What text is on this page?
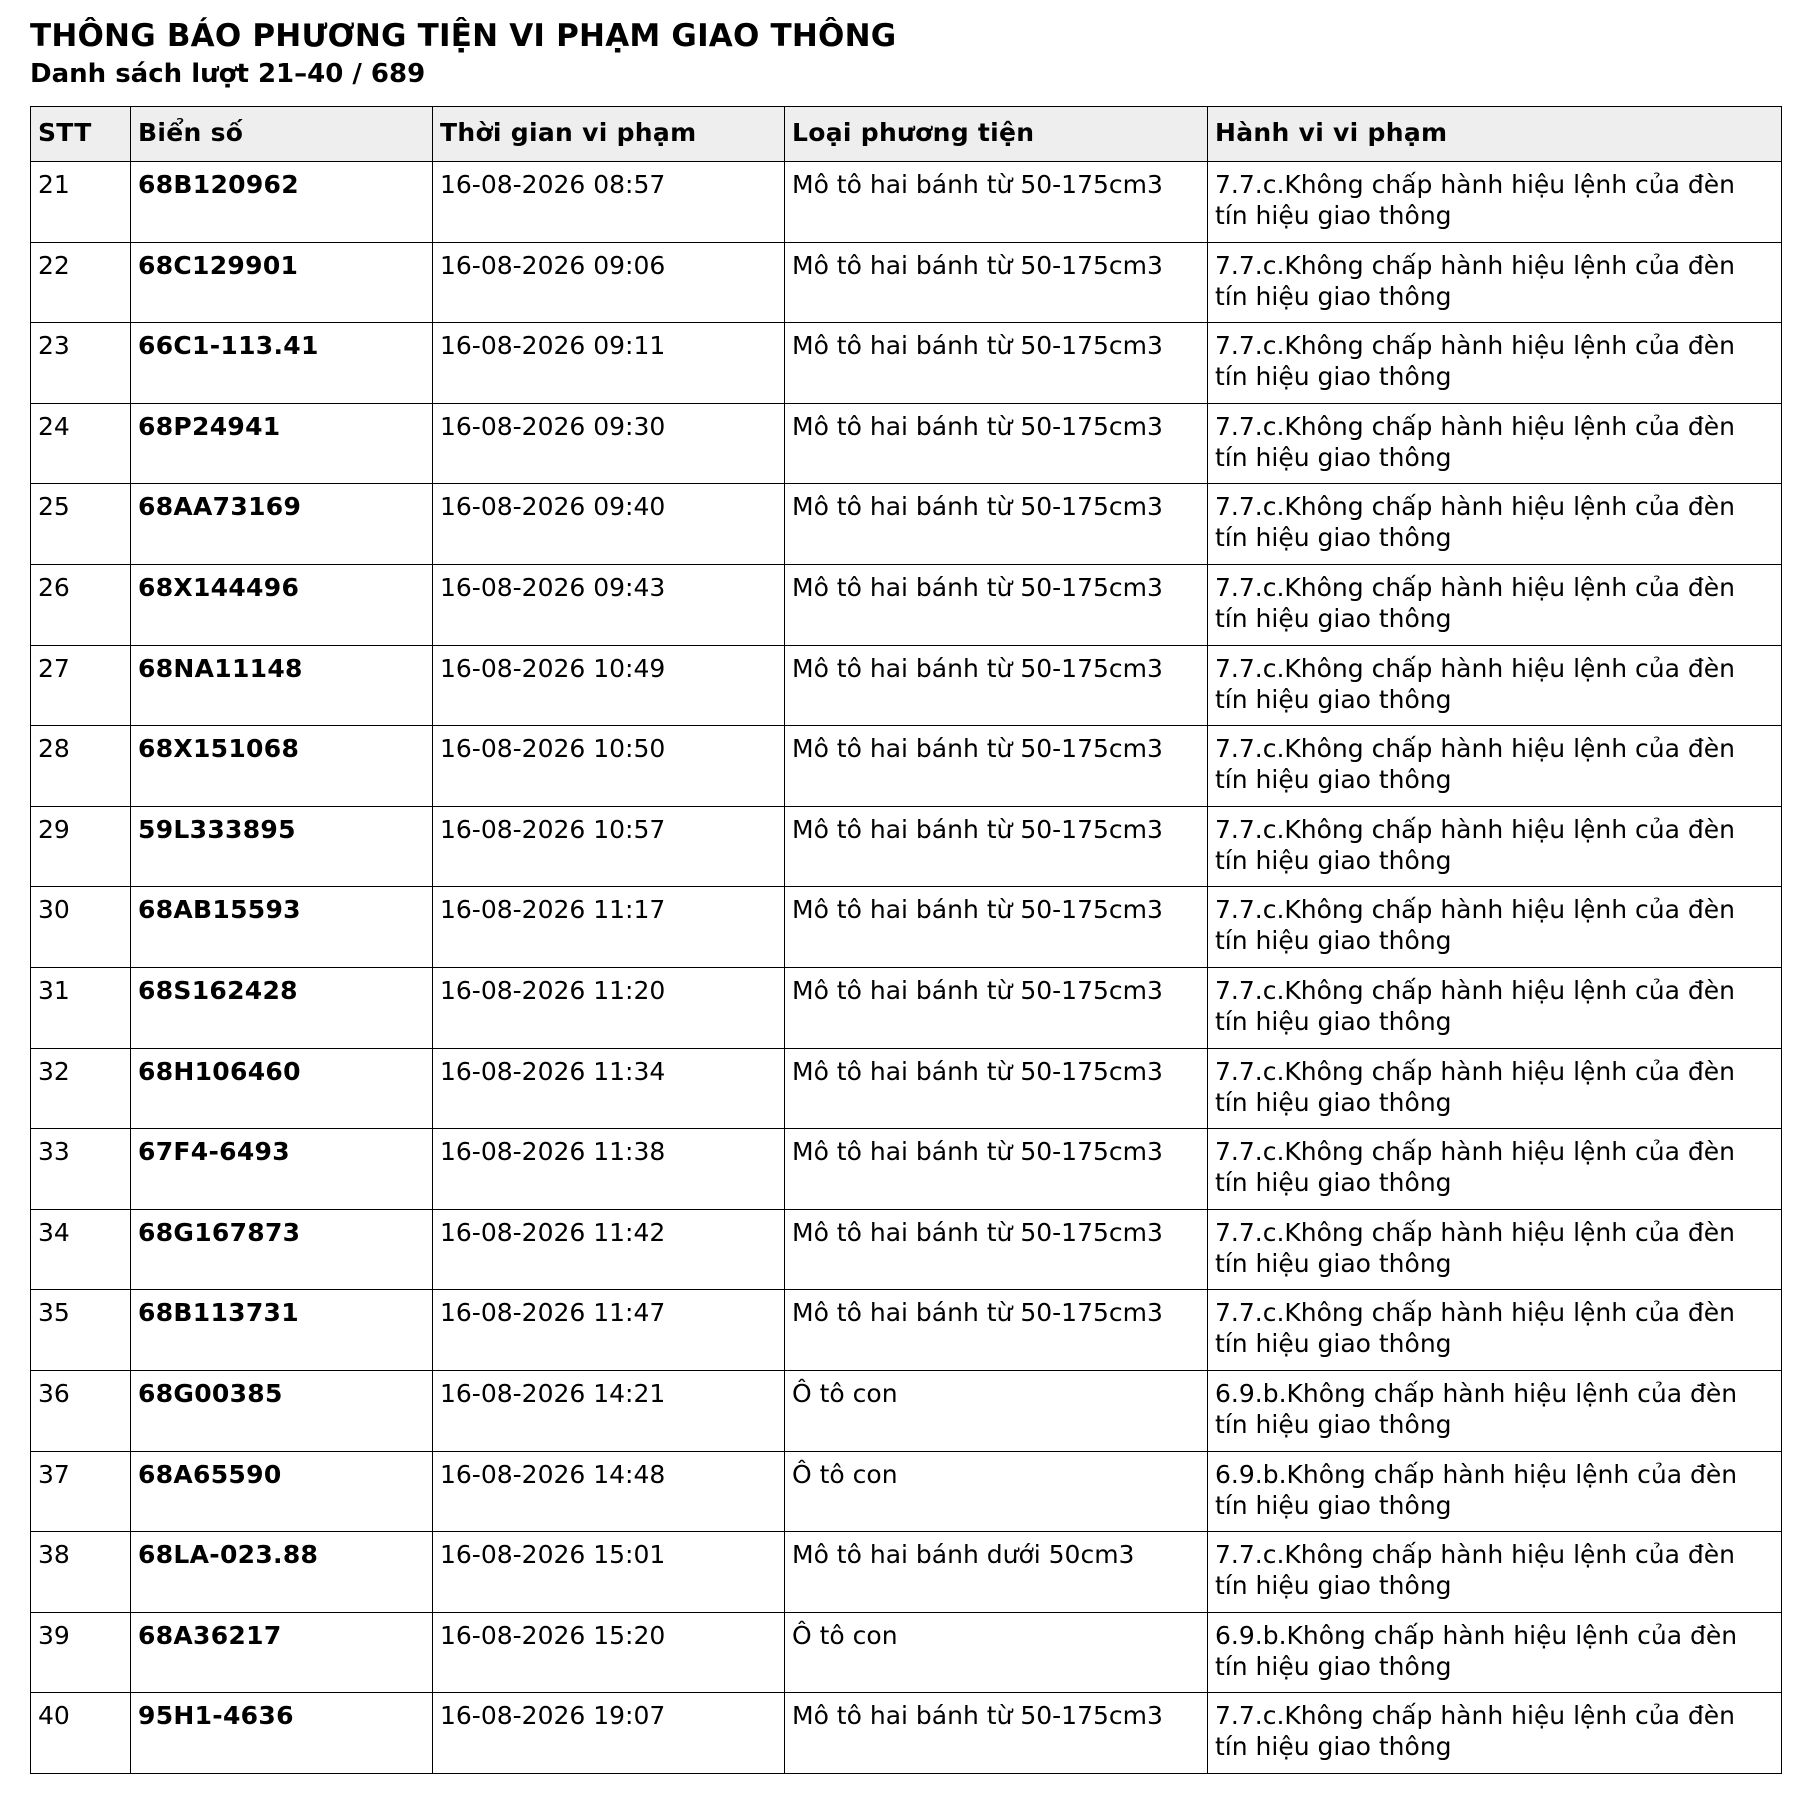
THÔNG BÁO PHƯƠNG TIỆN VI PHẠM GIAO THÔNG
Danh sách lượt 21–40 / 689
STT	Biển số	Thời gian vi phạm	Loại phương tiện	Hành vi vi phạm
21	68B120962	16-08-2026 08:57	Mô tô hai bánh từ 50-175cm3	7.7.c.Không chấp hành hiệu lệnh của đèn tín hiệu giao thông
22	68C129901	16-08-2026 09:06	Mô tô hai bánh từ 50-175cm3	7.7.c.Không chấp hành hiệu lệnh của đèn tín hiệu giao thông
23	66C1-113.41	16-08-2026 09:11	Mô tô hai bánh từ 50-175cm3	7.7.c.Không chấp hành hiệu lệnh của đèn tín hiệu giao thông
24	68P24941	16-08-2026 09:30	Mô tô hai bánh từ 50-175cm3	7.7.c.Không chấp hành hiệu lệnh của đèn tín hiệu giao thông
25	68AA73169	16-08-2026 09:40	Mô tô hai bánh từ 50-175cm3	7.7.c.Không chấp hành hiệu lệnh của đèn tín hiệu giao thông
26	68X144496	16-08-2026 09:43	Mô tô hai bánh từ 50-175cm3	7.7.c.Không chấp hành hiệu lệnh của đèn tín hiệu giao thông
27	68NA11148	16-08-2026 10:49	Mô tô hai bánh từ 50-175cm3	7.7.c.Không chấp hành hiệu lệnh của đèn tín hiệu giao thông
28	68X151068	16-08-2026 10:50	Mô tô hai bánh từ 50-175cm3	7.7.c.Không chấp hành hiệu lệnh của đèn tín hiệu giao thông
29	59L333895	16-08-2026 10:57	Mô tô hai bánh từ 50-175cm3	7.7.c.Không chấp hành hiệu lệnh của đèn tín hiệu giao thông
30	68AB15593	16-08-2026 11:17	Mô tô hai bánh từ 50-175cm3	7.7.c.Không chấp hành hiệu lệnh của đèn tín hiệu giao thông
31	68S162428	16-08-2026 11:20	Mô tô hai bánh từ 50-175cm3	7.7.c.Không chấp hành hiệu lệnh của đèn tín hiệu giao thông
32	68H106460	16-08-2026 11:34	Mô tô hai bánh từ 50-175cm3	7.7.c.Không chấp hành hiệu lệnh của đèn tín hiệu giao thông
33	67F4-6493	16-08-2026 11:38	Mô tô hai bánh từ 50-175cm3	7.7.c.Không chấp hành hiệu lệnh của đèn tín hiệu giao thông
34	68G167873	16-08-2026 11:42	Mô tô hai bánh từ 50-175cm3	7.7.c.Không chấp hành hiệu lệnh của đèn tín hiệu giao thông
35	68B113731	16-08-2026 11:47	Mô tô hai bánh từ 50-175cm3	7.7.c.Không chấp hành hiệu lệnh của đèn tín hiệu giao thông
36	68G00385	16-08-2026 14:21	Ô tô con	6.9.b.Không chấp hành hiệu lệnh của đèn tín hiệu giao thông
37	68A65590	16-08-2026 14:48	Ô tô con	6.9.b.Không chấp hành hiệu lệnh của đèn tín hiệu giao thông
38	68LA-023.88	16-08-2026 15:01	Mô tô hai bánh dưới 50cm3	7.7.c.Không chấp hành hiệu lệnh của đèn tín hiệu giao thông
39	68A36217	16-08-2026 15:20	Ô tô con	6.9.b.Không chấp hành hiệu lệnh của đèn tín hiệu giao thông
40	95H1-4636	16-08-2026 19:07	Mô tô hai bánh từ 50-175cm3	7.7.c.Không chấp hành hiệu lệnh của đèn tín hiệu giao thông
